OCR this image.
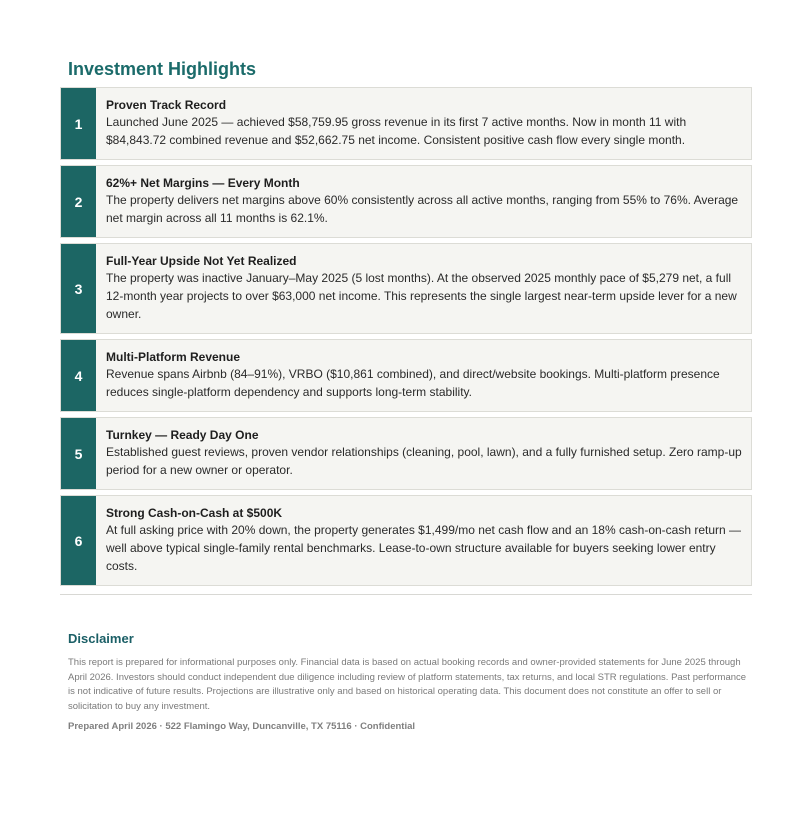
Investment Highlights
1
Proven Track Record
Launched June 2025 — achieved $58,759.95 gross revenue in its first 7 active months. Now in month 11 with $84,843.72 combined revenue and $52,662.75 net income. Consistent positive cash flow every single month.
2
62%+ Net Margins — Every Month
The property delivers net margins above 60% consistently across all active months, ranging from 55% to 76%. Average net margin across all 11 months is 62.1%.
3
Full-Year Upside Not Yet Realized
The property was inactive January–May 2025 (5 lost months). At the observed 2025 monthly pace of $5,279 net, a full 12-month year projects to over $63,000 net income. This represents the single largest near-term upside lever for a new owner.
4
Multi-Platform Revenue
Revenue spans Airbnb (84–91%), VRBO ($10,861 combined), and direct/website bookings. Multi-platform presence reduces single-platform dependency and supports long-term stability.
5
Turnkey — Ready Day One
Established guest reviews, proven vendor relationships (cleaning, pool, lawn), and a fully furnished setup. Zero ramp-up period for a new owner or operator.
6
Strong Cash-on-Cash at $500K
At full asking price with 20% down, the property generates $1,499/mo net cash flow and an 18% cash-on-cash return — well above typical single-family rental benchmarks. Lease-to-own structure available for buyers seeking lower entry costs.
Disclaimer
This report is prepared for informational purposes only. Financial data is based on actual booking records and owner-provided statements for June 2025 through April 2026. Investors should conduct independent due diligence including review of platform statements, tax returns, and local STR regulations. Past performance is not indicative of future results. Projections are illustrative only and based on historical operating data. This document does not constitute an offer to sell or solicitation to buy any investment.
Prepared April 2026 · 522 Flamingo Way, Duncanville, TX 75116 · Confidential
